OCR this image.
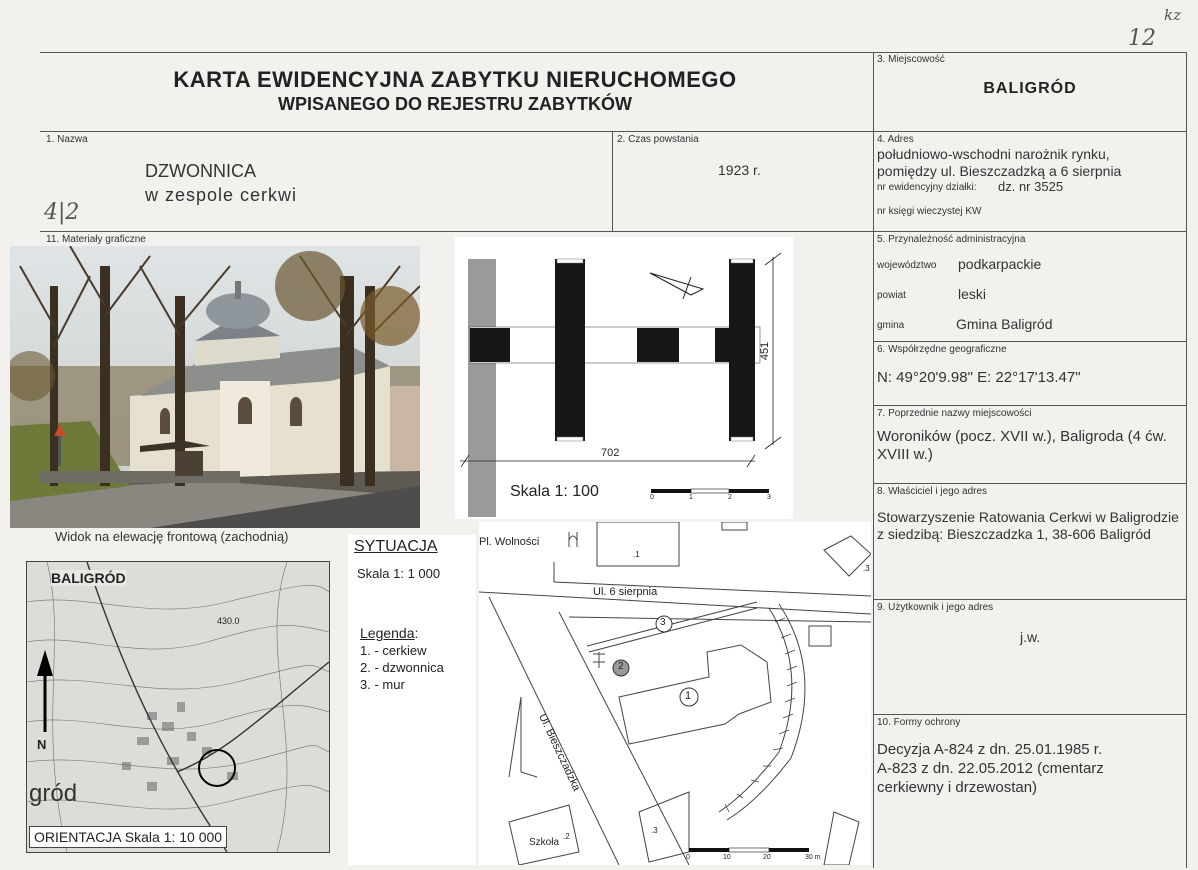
kz
12
4|2
KARTA EWIDENCYJNA ZABYTKU NIERUCHOMEGO
WPISANEGO DO REJESTRU ZABYTKÓW
3. Miejscowość
BALIGRÓD
1. Nazwa
DZWONNICA
w zespole cerkwi
2. Czas powstania
1923 r.
4. Adres
południowo-wschodni narożnik rynku,
pomiędzy ul. Bieszczadzką a 6 sierpnia
nr ewidencyjny działki: dz. nr 3525
nr księgi wieczystej KW
5. Przynależność administracyjna
województwo podkarpackie
powiat	leski
gmina	Gmina Baligród
6. Współrzędne geograficzne
N: 49°20'9.98" E: 22°17'13.47"
7. Poprzednie nazwy miejscowości
Woroników (pocz. XVII w.), Baligroda (4 ćw.
XVIII w.)
8. Właściciel i jego adres
Stowarzyszenie Ratowania Cerkwi w Baligrodzie
z siedzibą: Bieszczadzka 1, 38-606 Baligród
9. Użytkownik i jego adres
j.w.
10. Formy ochrony
Decyzja A-824 z dn. 25.01.1985 r.
A-823 z dn. 22.05.2012 (cmentarz
cerkiewny i drzewostan)
11. Materiały graficzne
Widok na elewację frontową (zachodnią)
451
702
Skala 1: 100	0	1	2	3
BALIGRÓD
430.0
N
gród
ORIENTACJA Skala 1: 10 000
SYTUACJA
Skala 1: 1 000
Legenda:
1. - cerkiew
2. - dzwonnica
3. - mur
Pl. Wolności
Ul. 6 sierpnia
Ul. Bieszczadzka
3
2
1
.1
.3
Szkoła
.2
.3
0	10	20	30 m
